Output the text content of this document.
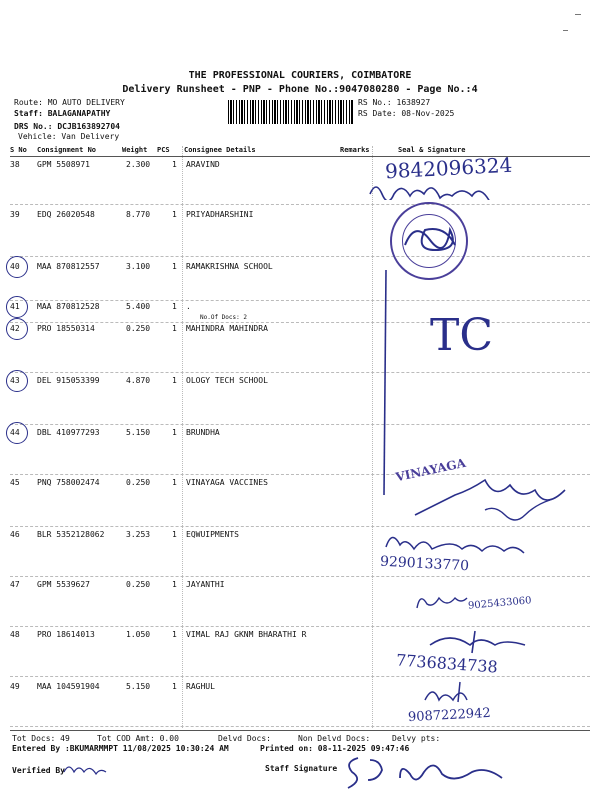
THE PROFESSIONAL COURIERS, COIMBATORE
Delivery Runsheet - PNP - Phone No.:9047080280 - Page No.:4
Route: MO AUTO DELIVERY
Staff: BALAGANAPATHY
DRS No.: DCJB163892704
Vehicle: Van Delivery
RS No.: 1638927
RS Date: 08-Nov-2025
S No Consignment No	Weight PCS Consignee Details	Remarks	Seal & Signature
38 GPM 5508971	2.300	1 ARAVIND
39 EDQ 26020548	8.770	1 PRIYADHARSHINI
40 MAA 870812557	3.100	1 RAMAKRISHNA SCHOOL
41 MAA 870812528	5.400	1 .
No.Of Docs: 2
42 PRO 18550314	0.250	1 MAHINDRA MAHINDRA
43 DEL 915053399	4.870	1 OLOGY TECH SCHOOL
44 DBL 410977293	5.150	1 BRUNDHA
45 PNQ 758002474	0.250	1 VINAYAGA VACCINES
46 BLR 5352128062	3.253	1 EQWUIPMENTS
47 GPM 5539627	0.250	1 JAYANTHI
48 PRO 18614013	1.050	1 VIMAL RAJ GKNM BHARATHI R
49 MAA 104591904	5.150	1 RAGHUL
9842096324
TC
VINAYAGA
9290133770
9025433060
7736834738
9087222942
Tot Docs: 49	Tot COD Amt: 0.00	Delvd Docs:	Non Delvd Docs:	Delvy pts:
Entered By :BKUMARMMPT 11/08/2025 10:30:24 AM	Printed on: 08-11-2025 09:47:46
Verified By	Staff Signature
